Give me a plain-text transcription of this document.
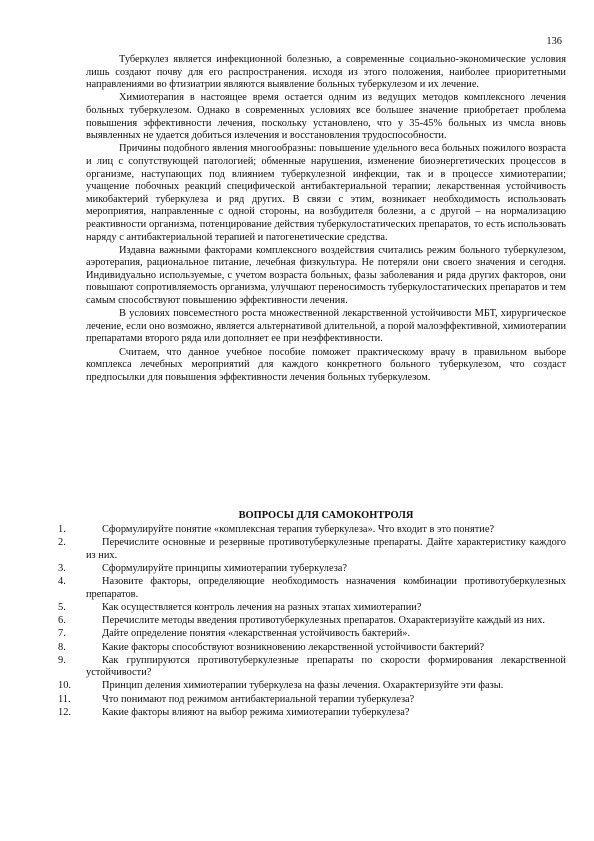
136

Туберкулез является инфекционной болезнью, а современные социально-экономические условия лишь создают почву для его распространения. исходя из этого положения, наиболее приоритетными направлениями во фтизиатрии являются выявление больных туберкулезом и их лечение.

Химиотерапия в настоящее время остается одним из ведущих методов комплексного лечения больных туберкулезом. Однако в современных условиях все большее значение приобретает проблема повышения эффективности лечения, поскольку установлено, что у 35-45% больных из чмсла вновь выявленных не удается добиться излечения и восстановления трудоспособности.

Причины подобного явления многообразны: повышение удельного веса больных пожилого возраста и лиц с сопутствующей патологией; обменные нарушения, изменение биоэнергетических процессов в организме, наступающих под влиянием туберкулезной инфекции, так и в процессе химиотерапии; учащение побочных реакций специфической антибактериальной терапии; лекарственная устойчивость микобактерий туберкулеза и ряд других. В связи с этим, возникает необходимость использовать мероприятия, направленные с одной стороны, на возбудителя болезни, а с другой – на нормализацию реактивности организма, потенцирование действия туберкулостатических препаратов, то есть использовать наряду с антибактериальной терапией и патогенетические средства.

Издавна важными факторами комплексного воздействия считались режим больного туберкулезом, аэротерапия, рациональное питание, лечебная физкультура. Не потеряли они своего значения и сегодня. Индивидуально используемые, с учетом возраста больных, фазы заболевания и ряда других факторов, они повышают сопротивляемость организма, улучшают переносимость туберкулостатических препаратов и тем самым способствуют повышению эффективности лечения.

В условиях повсеместного роста множественной лекарственной устойчивости МБТ, хирургическое лечение, если оно возможно, является альтернативой длительной, а порой малоэффективной, химиотерапии препаратами второго ряда или дополняет ее при неэффективности.

Считаем, что данное учебное пособие поможет практическому врачу в правильном выборе комплекса лечебных мероприятий для каждого конкретного больного туберкулезом, что создаст предпосылки для повышения эффективности лечения больных туберкулезом.

ВОПРОСЫ ДЛЯ САМОКОНТРОЛЯ
1.	Сформулируйте понятие «комплексная терапия туберкулеза». Что входит в это понятие?
2.	Перечислите основные и резервные противотуберкулезные препараты. Дайте характеристику каждого из них.
3.	Сформулируйте принципы химиотерапии туберкулеза?
4.	Назовите факторы, определяющие необходимость назначения комбинации противотуберкулезных препаратов.
5.	Как осуществляется контроль лечения на разных этапах химиотерапии?
6.	Перечислите методы введения противотуберкулезных препаратов. Охарактеризуйте каждый из них.
7.	Дайте определение понятия «лекарственная устойчивость бактерий».
8.	Какие факторы способствуют возникновению лекарственной устойчивости бактерий?
9.	Как группируются противотуберкулезные препараты по скорости формирования лекарственной устойчивости?
10.	Принцип деления химиотерапии туберкулеза на фазы лечения. Охарактеризуйте эти фазы.
11.	Что понимают под режимом антибактериальной терапии туберкулеза?
12.	Какие факторы влияют на выбор режима химиотерапии туберкулеза?
